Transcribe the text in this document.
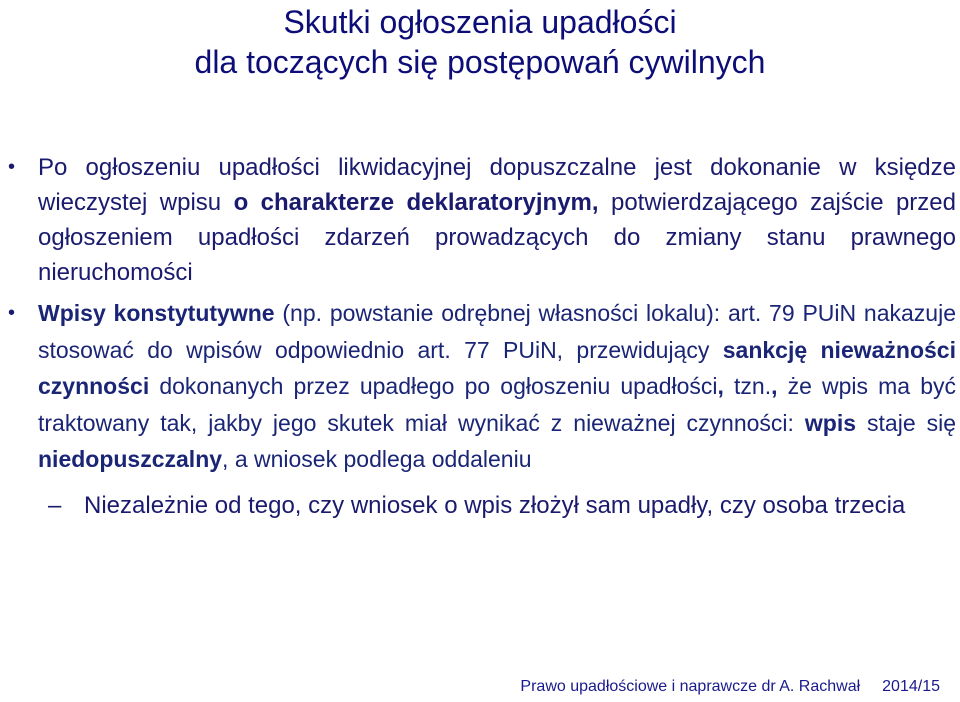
Skutki ogłoszenia upadłości
dla toczących się postępowań cywilnych
• Po ogłoszeniu upadłości likwidacyjnej dopuszczalne jest dokonanie w księdze wieczystej wpisu o charakterze deklaratoryjnym, potwierdzającego zajście przed ogłoszeniem upadłości zdarzeń prowadzących do zmiany stanu prawnego nieruchomości
• Wpisy konstytutywne (np. powstanie odrębnej własności lokalu): art. 79 PUiN nakazuje stosować do wpisów odpowiednio art. 77 PUiN, przewidujący sankcję nieważności czynności dokonanych przez upadłego po ogłoszeniu upadłości, tzn., że wpis ma być traktowany tak, jakby jego skutek miał wynikać z nieważnej czynności: wpis staje się niedopuszczalny, a wniosek podlega oddaleniu
– Niezależnie od tego, czy wniosek o wpis złożył sam upadły, czy osoba trzecia
Prawo upadłościowe i naprawcze dr A. Rachwał 2014/15
